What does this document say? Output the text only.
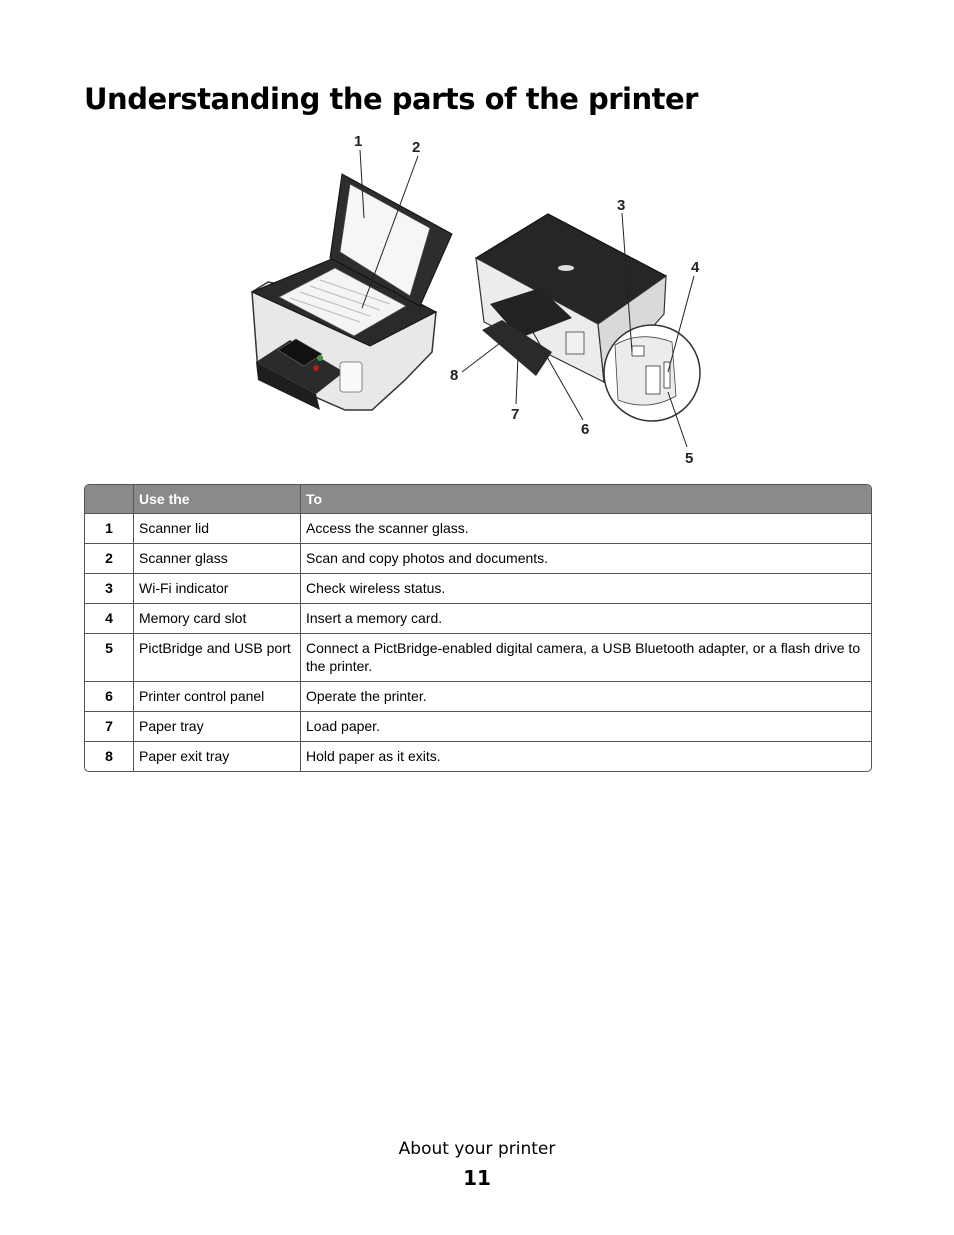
Understanding the parts of the printer
1	2
3
4
5
6
7
8
	Use the	To
1	Scanner lid	Access the scanner glass.
2	Scanner glass	Scan and copy photos and documents.
3	Wi-Fi indicator	Check wireless status.
4	Memory card slot	Insert a memory card.
5	PictBridge and USB port	Connect a PictBridge-enabled digital camera, a USB Bluetooth adapter, or a flash drive to the printer.
6	Printer control panel	Operate the printer.
7	Paper tray	Load paper.
8	Paper exit tray	Hold paper as it exits.
About your printer
11
